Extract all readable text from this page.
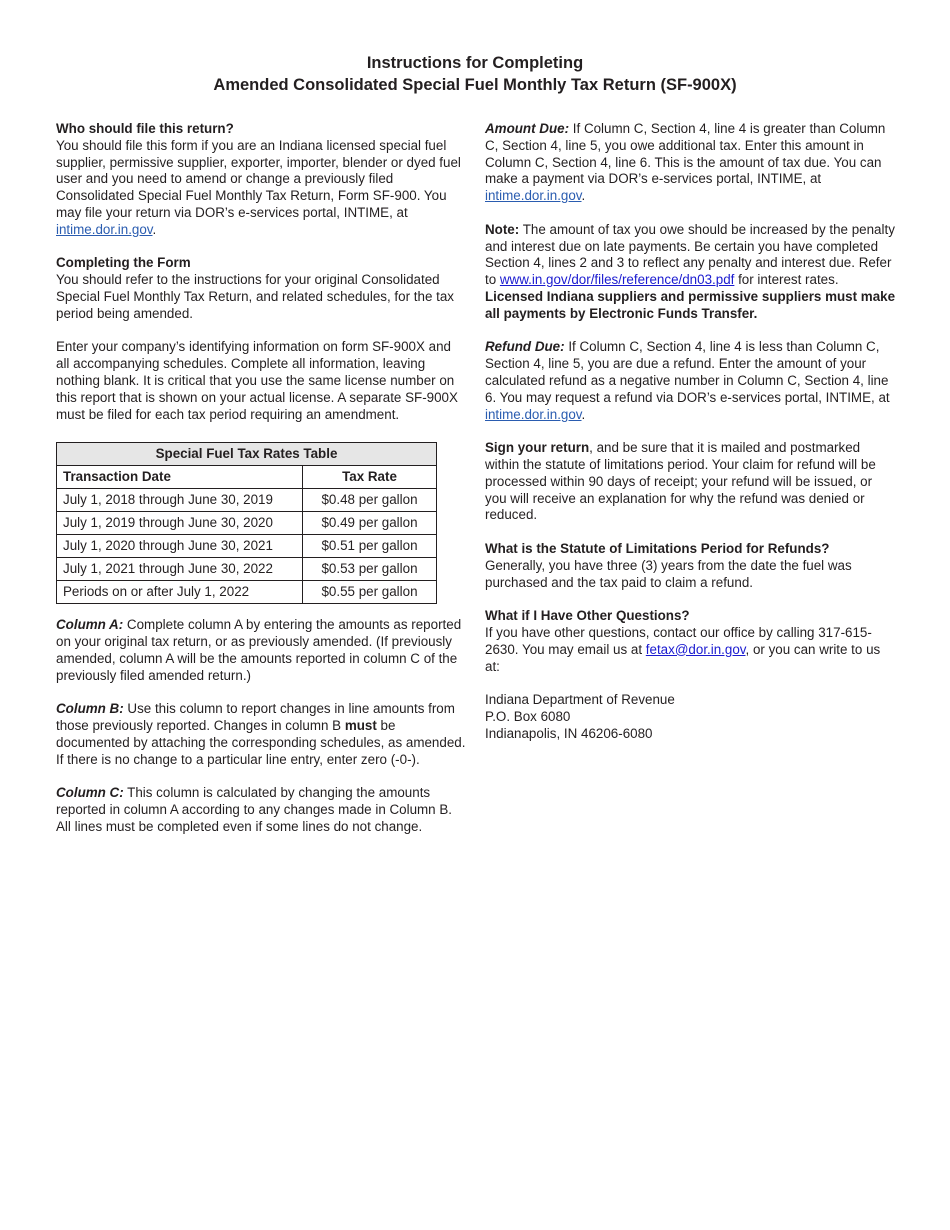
Instructions for Completing
Amended Consolidated Special Fuel Monthly Tax Return (SF-900X)

Who should file this return?
You should file this form if you are an Indiana licensed special fuel supplier, permissive supplier, exporter, importer, blender or dyed fuel user and you need to amend or change a previously filed Consolidated Special Fuel Monthly Tax Return, Form SF-900. You may file your return via DOR’s e-services portal, INTIME, at intime.dor.in.gov.

Completing the Form
You should refer to the instructions for your original Consolidated Special Fuel Monthly Tax Return, and related schedules, for the tax period being amended.

Enter your company’s identifying information on form SF-900X and all accompanying schedules. Complete all information, leaving nothing blank. It is critical that you use the same license number on this report that is shown on your actual license. A separate SF-900X must be filed for each tax period requiring an amendment.

Special Fuel Tax Rates Table	
Transaction Date	Tax Rate
July 1, 2018 through June 30, 2019	$0.48 per gallon
July 1, 2019 through June 30, 2020	$0.49 per gallon
July 1, 2020 through June 30, 2021	$0.51 per gallon
July 1, 2021 through June 30, 2022	$0.53 per gallon
Periods on or after July 1, 2022	$0.55 per gallon

Column A: Complete column A by entering the amounts as reported on your original tax return, or as previously amended. (If previously amended, column A will be the amounts reported in column C of the previously filed amended return.)

Column B: Use this column to report changes in line amounts from those previously reported. Changes in column B must be documented by attaching the corresponding schedules, as amended. If there is no change to a particular line entry, enter zero (-0-).

Column C: This column is calculated by changing the amounts reported in column A according to any changes made in Column B. All lines must be completed even if some lines do not change.

Amount Due: If Column C, Section 4, line 4 is greater than Column C, Section 4, line 5, you owe additional tax. Enter this amount in Column C, Section 4, line 6. This is the amount of tax due. You can make a payment via DOR’s e-services portal, INTIME, at intime.dor.in.gov.

Note: The amount of tax you owe should be increased by the penalty and interest due on late payments. Be certain you have completed Section 4, lines 2 and 3 to reflect any penalty and interest due. Refer to www.in.gov/dor/files/reference/dn03.pdf for interest rates. Licensed Indiana suppliers and permissive suppliers must make all payments by Electronic Funds Transfer.

Refund Due: If Column C, Section 4, line 4 is less than Column C, Section 4, line 5, you are due a refund. Enter the amount of your calculated refund as a negative number in Column C, Section 4, line 6. You may request a refund via DOR’s e-services portal, INTIME, at intime.dor.in.gov.

Sign your return, and be sure that it is mailed and postmarked within the statute of limitations period. Your claim for refund will be processed within 90 days of receipt; your refund will be issued, or you will receive an explanation for why the refund was denied or reduced.

What is the Statute of Limitations Period for Refunds?
Generally, you have three (3) years from the date the fuel was purchased and the tax paid to claim a refund.

What if I Have Other Questions?
If you have other questions, contact our office by calling 317-615-2630. You may email us at fetax@dor.in.gov, or you can write to us at:

Indiana Department of Revenue
P.O. Box 6080
Indianapolis, IN 46206-6080
